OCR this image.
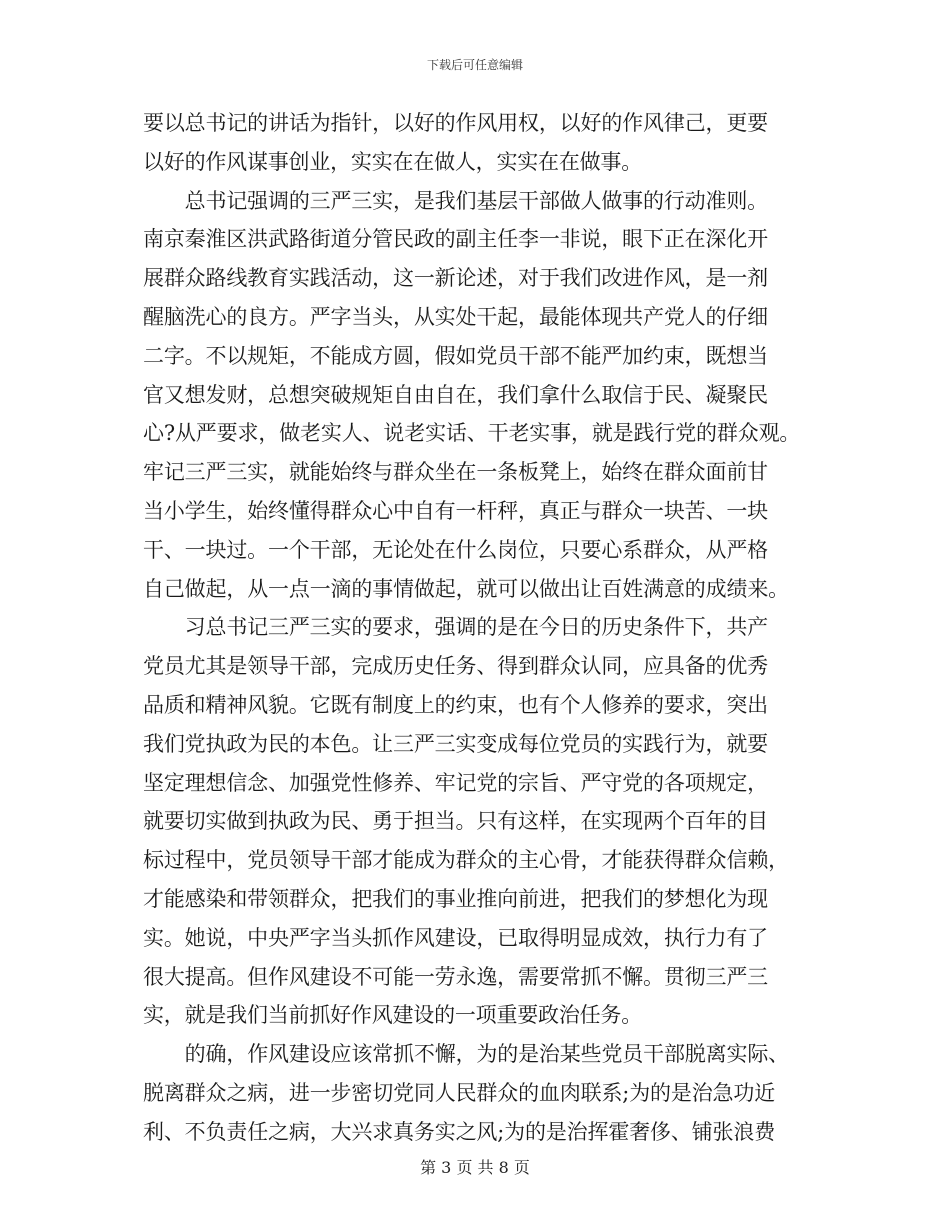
下载后可任意编辑
要以总书记的讲话为指针，以好的作风用权，以好的作风律己，更要
以好的作风谋事创业，实实在在做人，实实在在做事。
　　总书记强调的三严三实，是我们基层干部做人做事的行动准则。
南京秦淮区洪武路街道分管民政的副主任李一非说，眼下正在深化开
展群众路线教育实践活动，这一新论述，对于我们改进作风，是一剂
醒脑洗心的良方。严字当头，从实处干起，最能体现共产党人的仔细
二字。不以规矩，不能成方圆，假如党员干部不能严加约束，既想当
官又想发财，总想突破规矩自由自在，我们拿什么取信于民、凝聚民
心?从严要求，做老实人、说老实话、干老实事，就是践行党的群众观。
牢记三严三实，就能始终与群众坐在一条板凳上，始终在群众面前甘
当小学生，始终懂得群众心中自有一杆秤，真正与群众一块苦、一块
干、一块过。一个干部，无论处在什么岗位，只要心系群众，从严格
自己做起，从一点一滴的事情做起，就可以做出让百姓满意的成绩来。
　　习总书记三严三实的要求，强调的是在今日的历史条件下，共产
党员尤其是领导干部，完成历史任务、得到群众认同，应具备的优秀
品质和精神风貌。它既有制度上的约束，也有个人修养的要求，突出
我们党执政为民的本色。让三严三实变成每位党员的实践行为，就要
坚定理想信念、加强党性修养、牢记党的宗旨、严守党的各项规定，
就要切实做到执政为民、勇于担当。只有这样，在实现两个百年的目
标过程中，党员领导干部才能成为群众的主心骨，才能获得群众信赖，
才能感染和带领群众，把我们的事业推向前进，把我们的梦想化为现
实。她说，中央严字当头抓作风建设，已取得明显成效，执行力有了
很大提高。但作风建设不可能一劳永逸，需要常抓不懈。贯彻三严三
实，就是我们当前抓好作风建设的一项重要政治任务。
　　的确，作风建设应该常抓不懈，为的是治某些党员干部脱离实际、
脱离群众之病，进一步密切党同人民群众的血肉联系;为的是治急功近
利、不负责任之病，大兴求真务实之风;为的是治挥霍奢侈、铺张浪费
第 3 页 共 8 页
